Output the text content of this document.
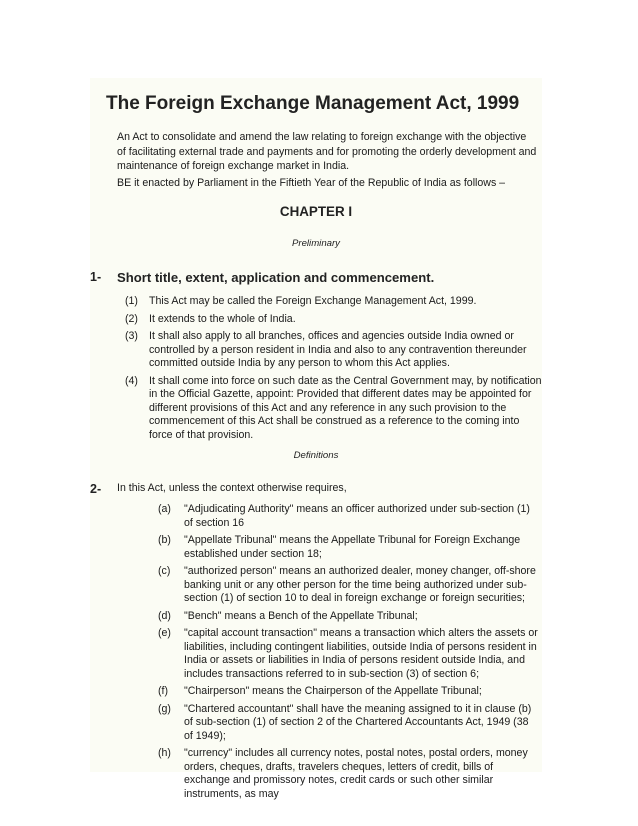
The Foreign Exchange Management Act, 1999

An Act to consolidate and amend the law relating to foreign exchange with the objective of facilitating external trade and payments and for promoting the orderly development and maintenance of foreign exchange market in India.

BE it enacted by Parliament in the Fiftieth Year of the Republic of India as follows –

CHAPTER I
Preliminary
1- Short title, extent, application and commencement.
(1) This Act may be called the Foreign Exchange Management Act, 1999.
(2) It extends to the whole of India.
(3) It shall also apply to all branches, offices and agencies outside India owned or controlled by a person resident in India and also to any contravention thereunder committed outside India by any person to whom this Act applies.
(4) It shall come into force on such date as the Central Government may, by notification in the Official Gazette, appoint: Provided that different dates may be appointed for different provisions of this Act and any reference in any such provision to the commencement of this Act shall be construed as a reference to the coming into force of that provision.
Definitions
2- In this Act, unless the context otherwise requires,
(a) "Adjudicating Authority" means an officer authorized under sub-section (1) of section 16
(b) "Appellate Tribunal" means the Appellate Tribunal for Foreign Exchange established under section 18;
(c) "authorized person" means an authorized dealer, money changer, off-shore banking unit or any other person for the time being authorized under sub-section (1) of section 10 to deal in foreign exchange or foreign securities;
(d) "Bench" means a Bench of the Appellate Tribunal;
(e) "capital account transaction" means a transaction which alters the assets or liabilities, including contingent liabilities, outside India of persons resident in India or assets or liabilities in India of persons resident outside India, and includes transactions referred to in sub-section (3) of section 6;
(f) "Chairperson" means the Chairperson of the Appellate Tribunal;
(g) "Chartered accountant" shall have the meaning assigned to it in clause (b) of sub-section (1) of section 2 of the Chartered Accountants Act, 1949 (38 of 1949);
(h) "currency" includes all currency notes, postal notes, postal orders, money orders, cheques, drafts, travelers cheques, letters of credit, bills of exchange and promissory notes, credit cards or such other similar instruments, as may
